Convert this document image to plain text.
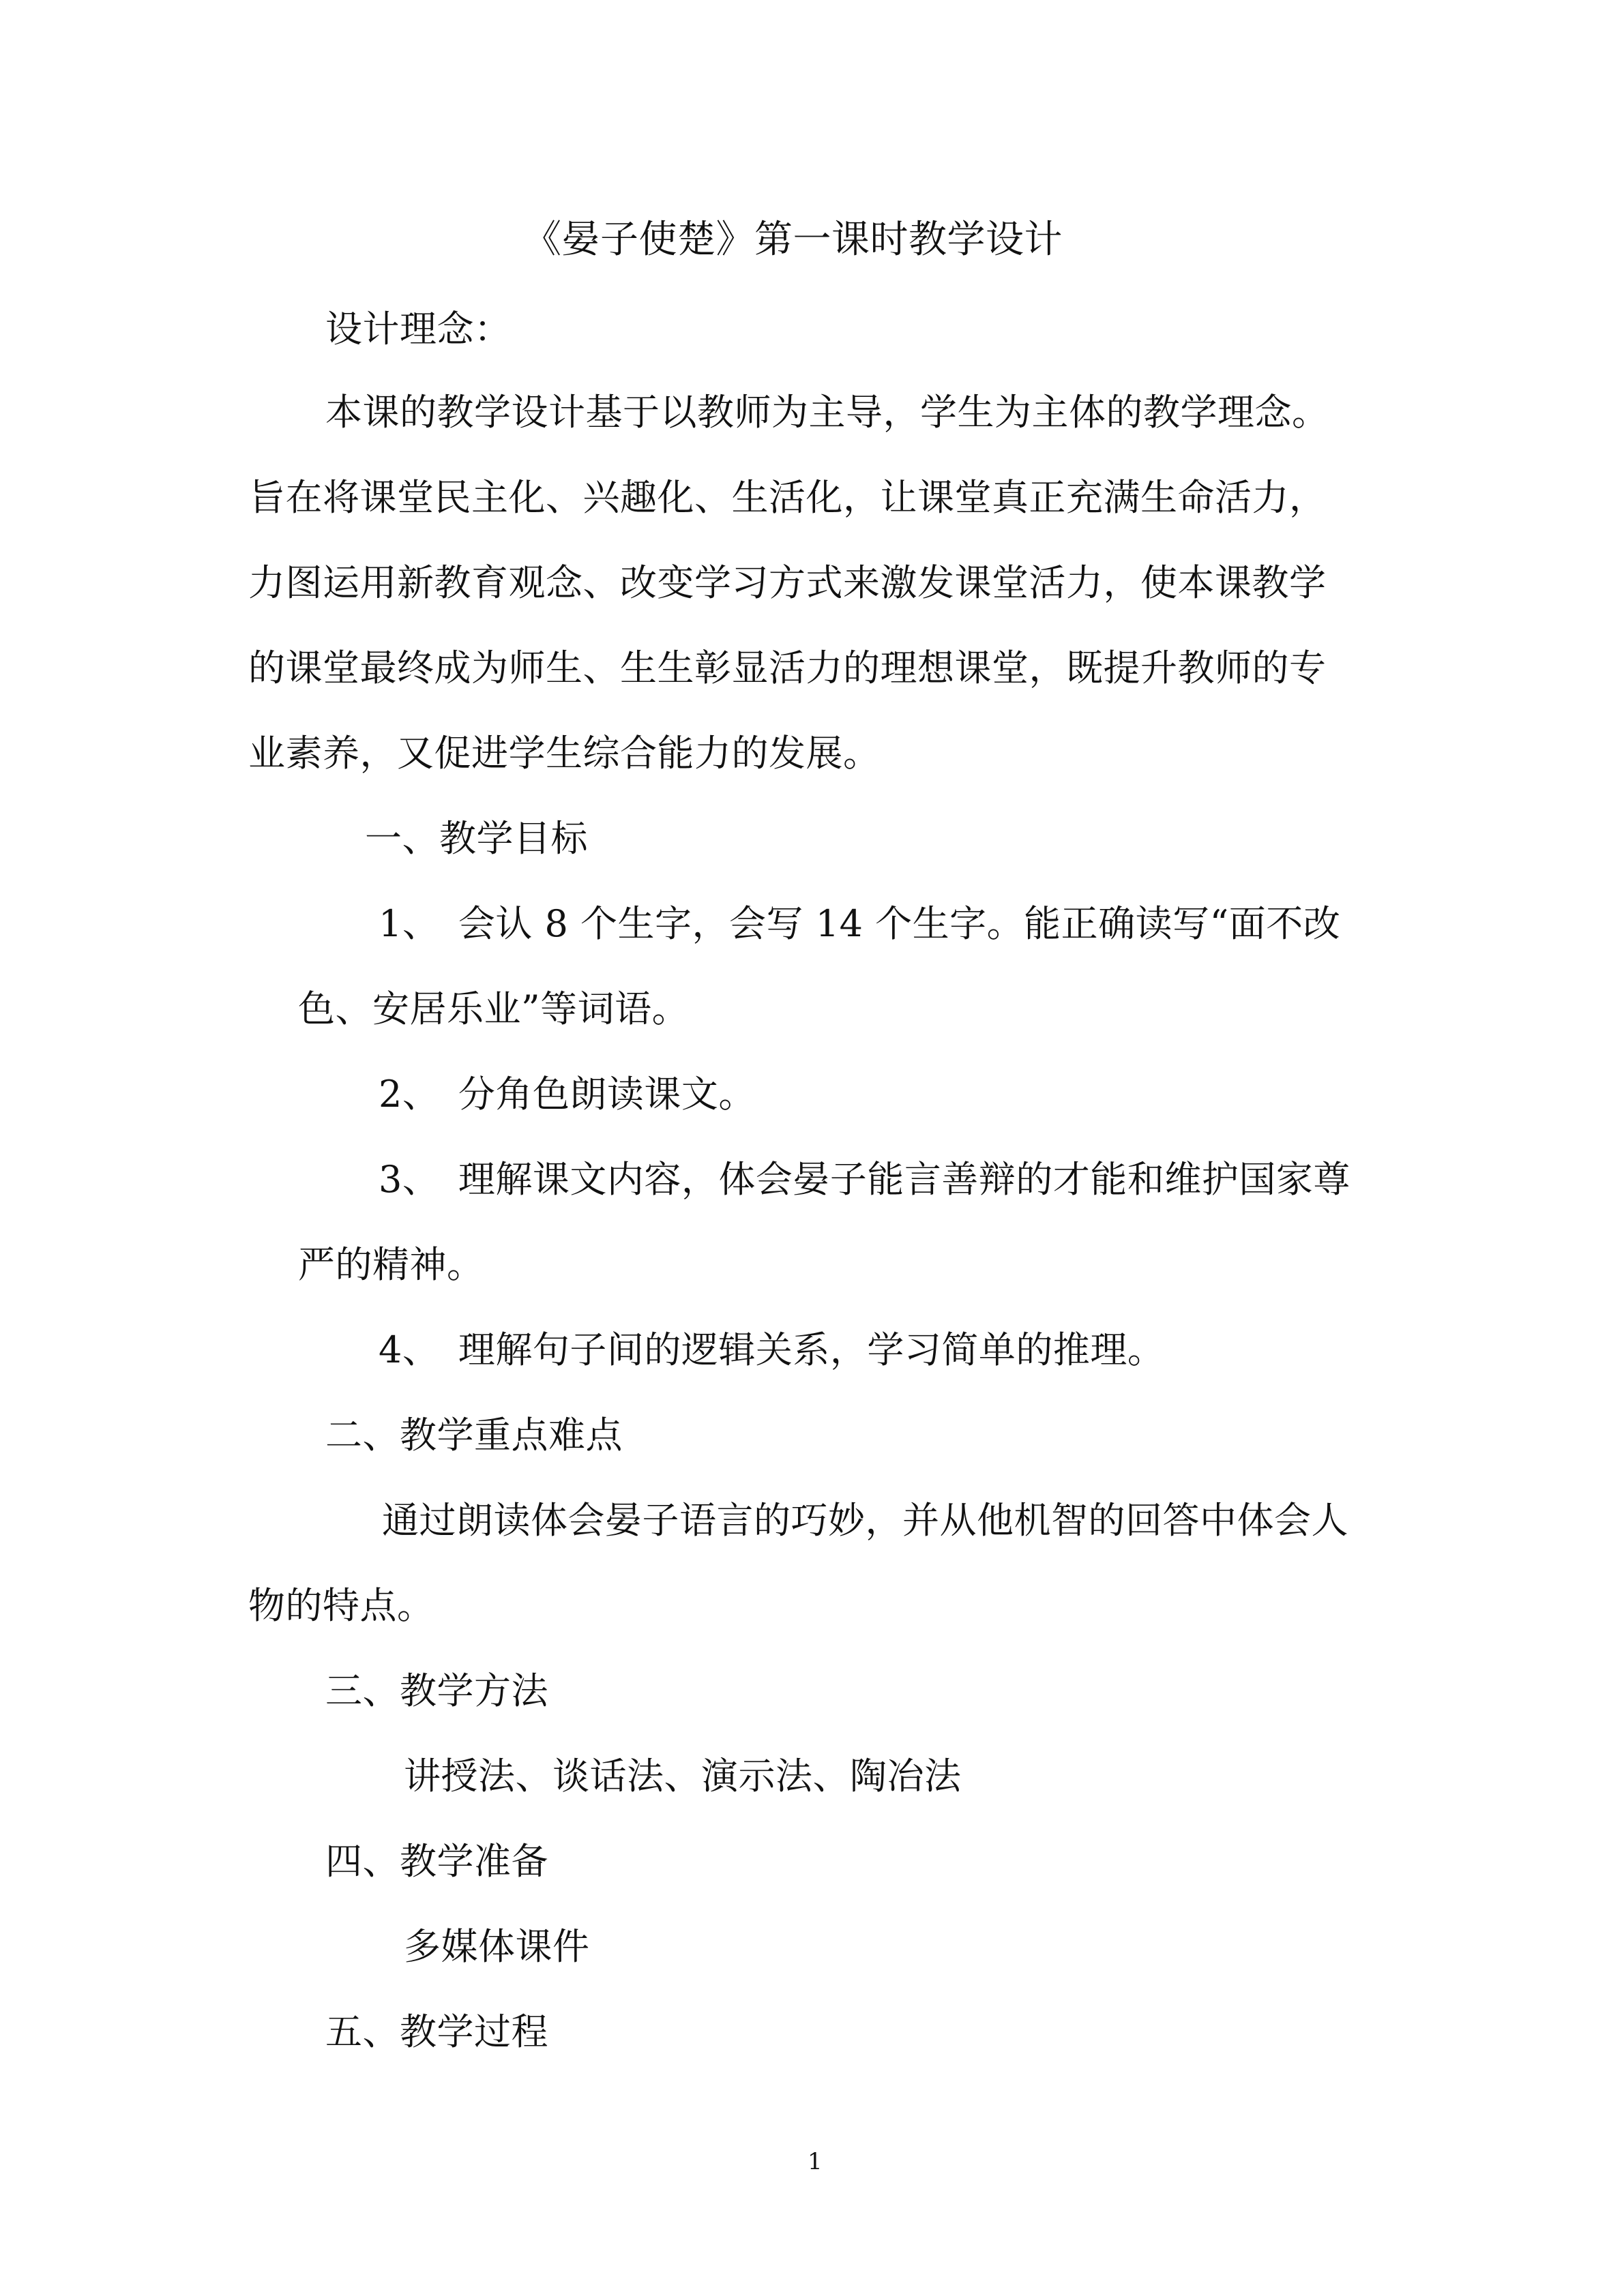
《晏子使楚》第一课时教学设计
设计理念：
本课的教学设计基于以教师为主导，学生为主体的教学理念。
旨在将课堂民主化、兴趣化、生活化，让课堂真正充满生命活力，
力图运用新教育观念、改变学习方式来激发课堂活力，使本课教学
的课堂最终成为师生、生生彰显活力的理想课堂，既提升教师的专
业素养，又促进学生综合能力的发展。
一、教学目标
1、　会认 8 个生字，会写 14 个生字。能正确读写“面不改
色、安居乐业”等词语。
2、　分角色朗读课文。
3、　理解课文内容，体会晏子能言善辩的才能和维护国家尊
严的精神。
4、　理解句子间的逻辑关系，学习简单的推理。
二、教学重点难点
通过朗读体会晏子语言的巧妙，并从他机智的回答中体会人
物的特点。
三、教学方法
讲授法、谈话法、演示法、陶冶法
四、教学准备
多媒体课件
五、教学过程
1
